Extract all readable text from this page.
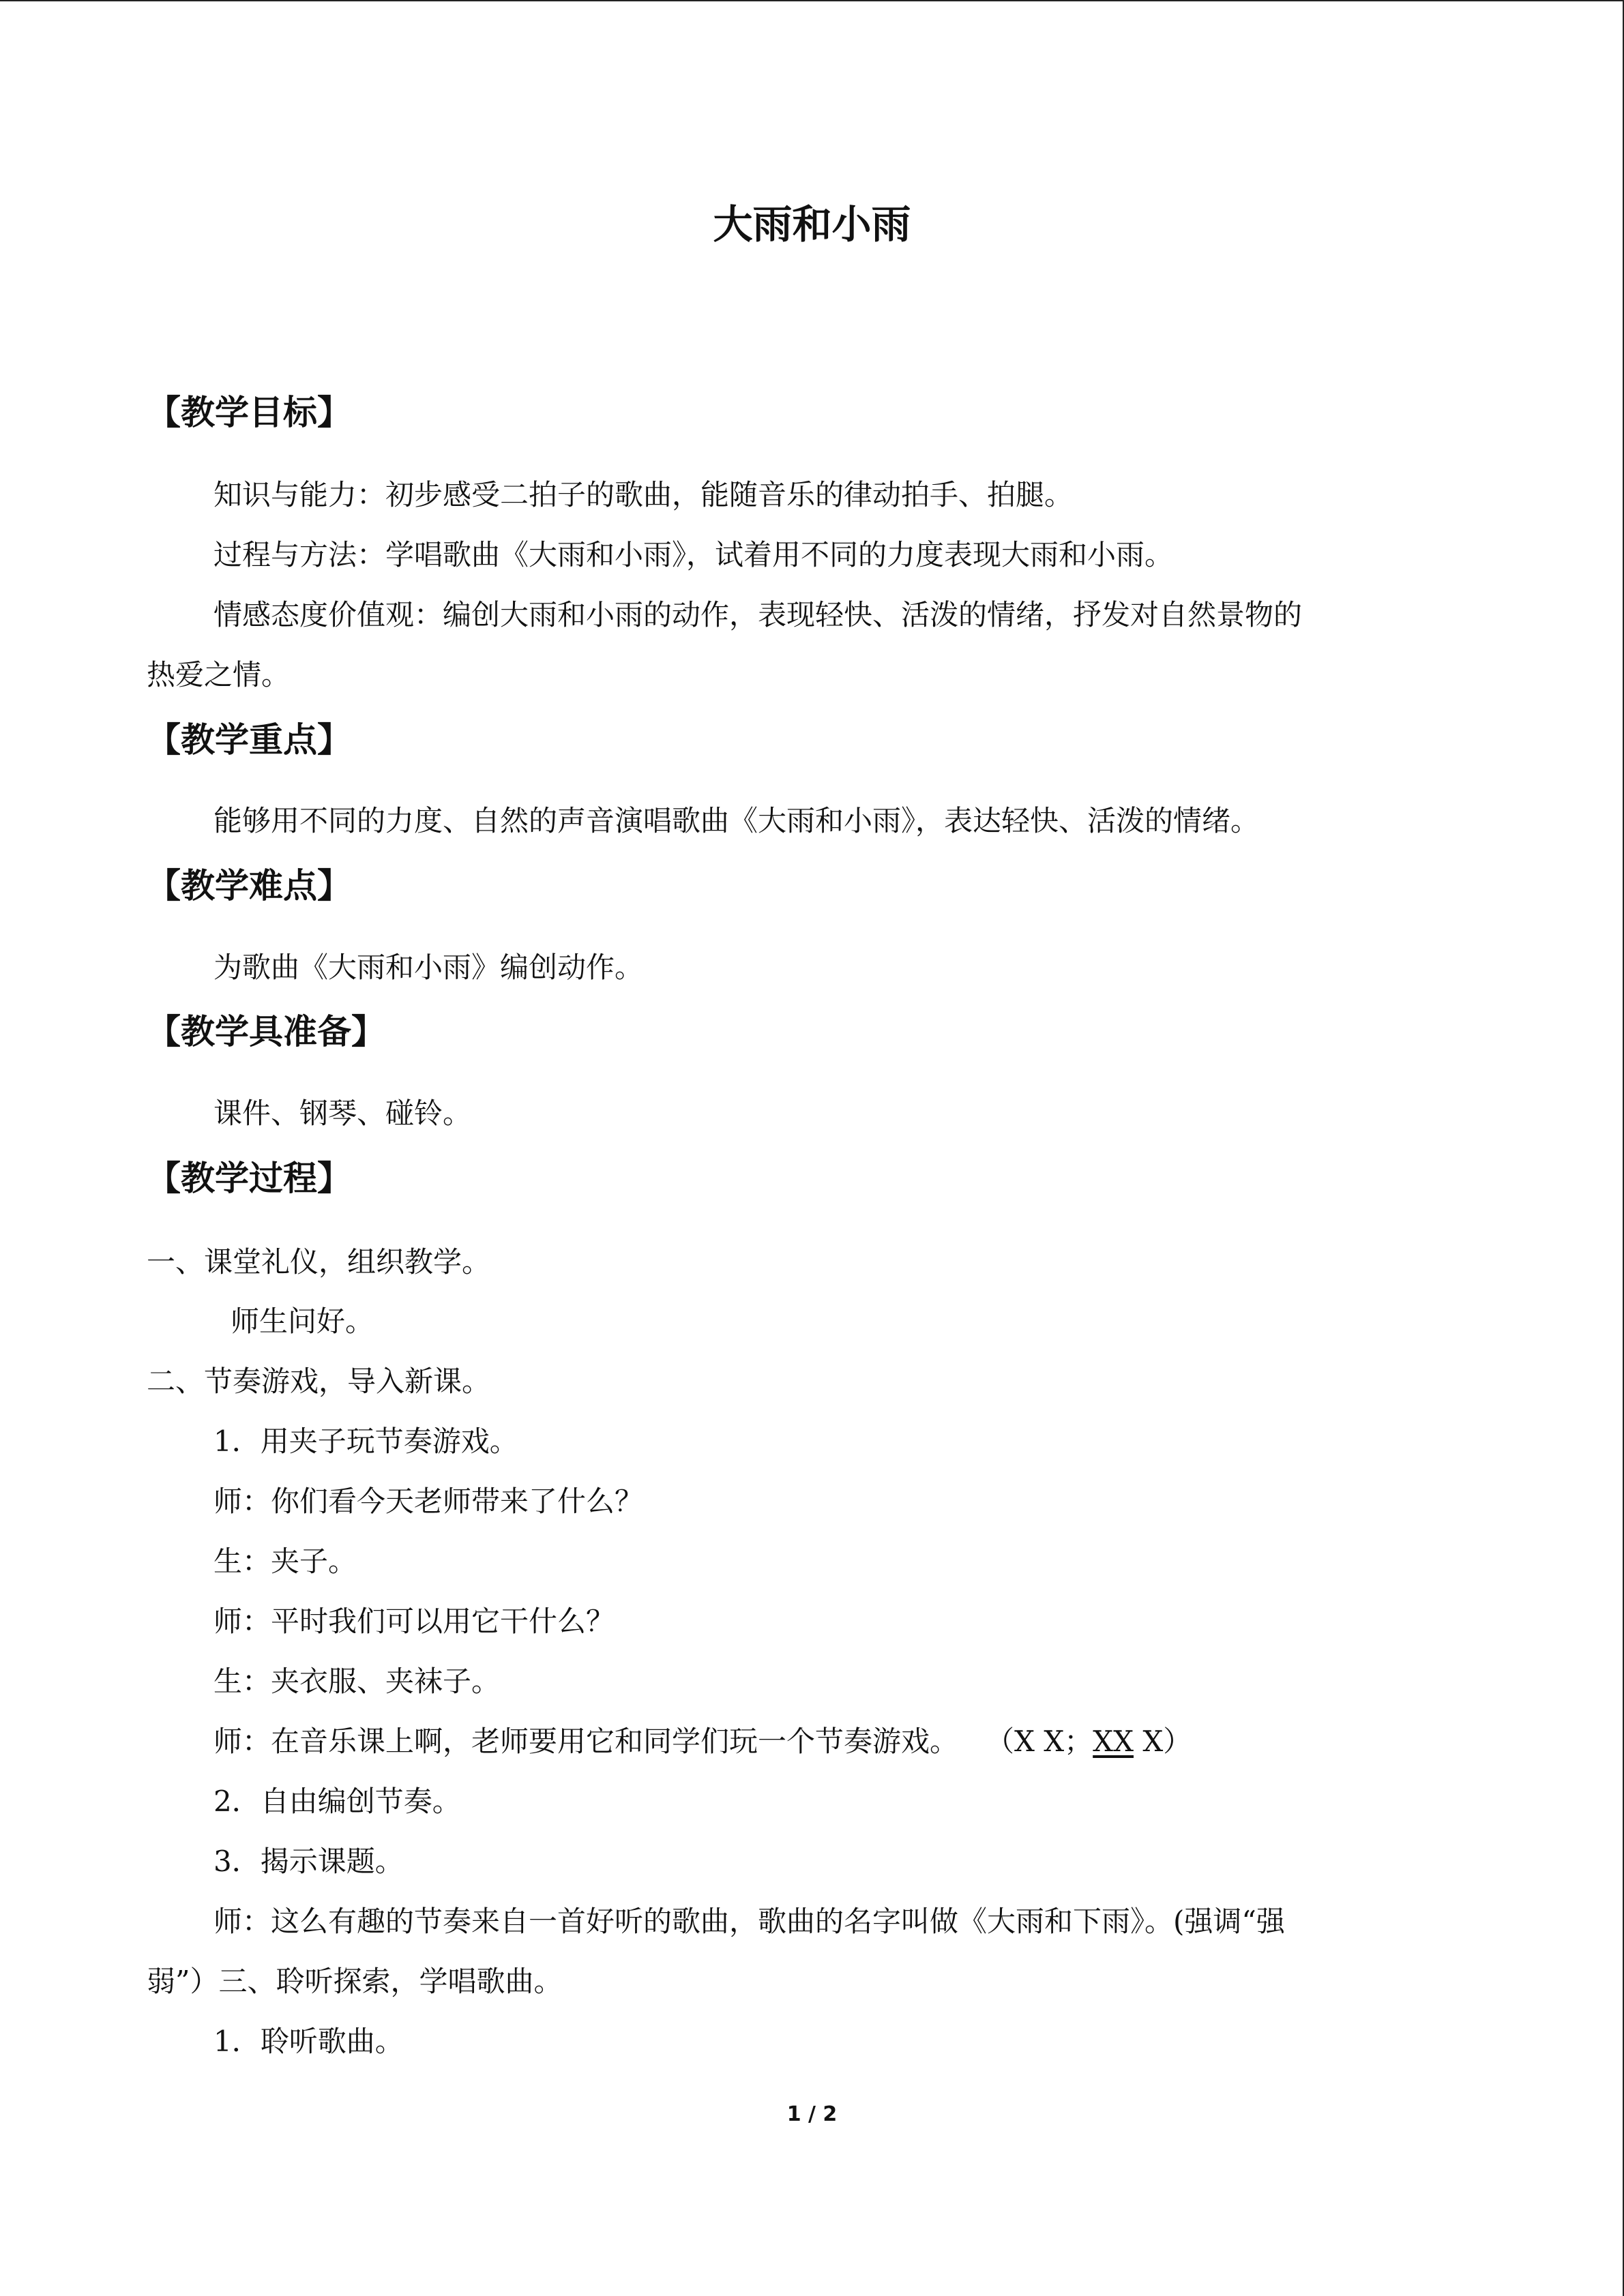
大雨和小雨
【教学目标】

知识与能力：初步感受二拍子的歌曲，能随音乐的律动拍手、拍腿。

过程与方法：学唱歌曲《大雨和小雨》，试着用不同的力度表现大雨和小雨。

情感态度价值观：编创大雨和小雨的动作，表现轻快、活泼的情绪，抒发对自然景物的

热爱之情。

【教学重点】

能够用不同的力度、自然的声音演唱歌曲《大雨和小雨》，表达轻快、活泼的情绪。

【教学难点】

为歌曲《大雨和小雨》编创动作。

【教学具准备】

课件、钢琴、碰铃。

【教学过程】

一、课堂礼仪，组织教学。

师生问好。

二、节奏游戏，导入新课。

1．用夹子玩节奏游戏。

师：你们看今天老师带来了什么？

生：夹子。

师：平时我们可以用它干什么？

生：夹衣服、夹袜子。

师：在音乐课上啊，老师要用它和同学们玩一个节奏游戏。 （X X；XX X）

2．自由编创节奏。

3．揭示课题。

师：这么有趣的节奏来自一首好听的歌曲，歌曲的名字叫做《大雨和下雨》。(强调“强

弱”）三、聆听探索，学唱歌曲。

1．聆听歌曲。

1 / 2
